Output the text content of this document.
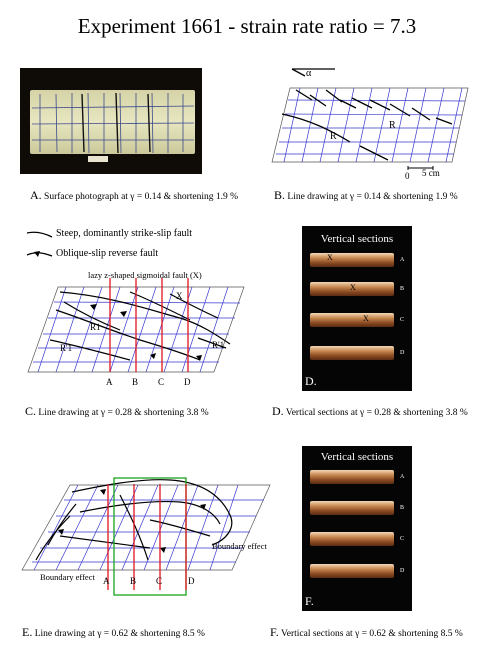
Experiment 1661 - strain rate ratio = 7.3
A. Surface photograph at γ = 0.14 & shortening 1.9 %
α
R
R
0 5 cm
B. Line drawing at γ = 0.14 & shortening 1.9 %
Steep, dominantly strike-slip fault
Oblique-slip reverse fault
lazy z-shaped sigmoidal fault (X)
R1
R'1	R'1
X
A B C D
C. Line drawing at γ = 0.28 & shortening 3.8 %
Vertical sections
X
X
X
A
B
C
D
D.
D. Vertical sections at γ = 0.28 & shortening 3.8 %
Boundary effect
Boundary effect A B C	D
E. Line drawing at γ = 0.62 & shortening 8.5 %
Vertical sections
A
B
C
D
F.
F. Vertical sections at γ = 0.62 & shortening 8.5 %
